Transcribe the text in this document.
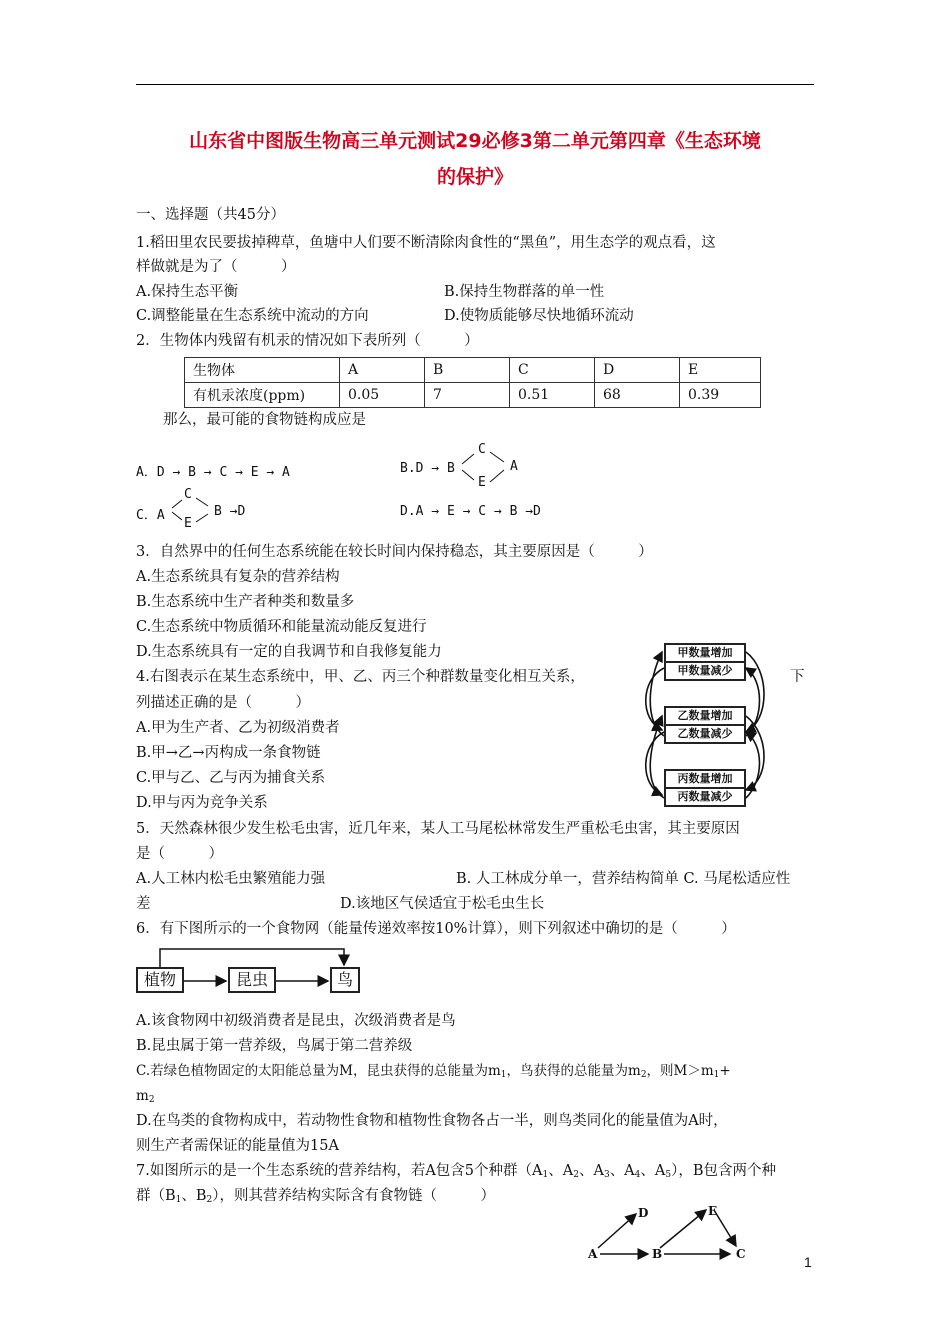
山东省中图版生物高三单元测试29必修3第二单元第四章《生态环境
的保护》
一、选择题（共45分）
1.稻田里农民要拔掉稗草，鱼塘中人们要不断清除肉食性的“黑鱼”，用生态学的观点看，这
样做就是为了（　　　）
A.保持生态平衡	B.保持生物群落的单一性
C.调整能量在生态系统中流动的方向	D.使物质能够尽快地循环流动
2．生物体内残留有机汞的情况如下表所列（　　　）
生物体	A	B	C	D	E
有机汞浓度(ppm)	0.05	7	0.51	68	0.39
那么，最可能的食物链构成应是
A．D → B → C → E → A	B.D → B
C
E
A
C．A
C
E
B →D	D.A → E → C → B →D
3．自然界中的任何生态系统能在较长时间内保持稳态，其主要原因是（　　　）
A.生态系统具有复杂的营养结构
B.生态系统中生产者种类和数量多
C.生态系统中物质循环和能量流动能反复进行
D.生态系统具有一定的自我调节和自我修复能力
4.右图表示在某生态系统中，甲、乙、丙三个种群数量变化相互关系，	下
列描述正确的是（　　　）
A.甲为生产者、乙为初级消费者
B.甲→乙→丙构成一条食物链
C.甲与乙、乙与丙为捕食关系
D.甲与丙为竞争关系
甲数量增加
甲数量减少
乙数量增加
乙数量减少
丙数量增加
丙数量减少
5．天然森林很少发生松毛虫害，近几年来，某人工马尾松林常发生严重松毛虫害，其主要原因
是（　　　）
A.人工林内松毛虫繁殖能力强	B. 人工林成分单一，营养结构简单 C. 马尾松适应性
差	D.该地区气侯适宜于松毛虫生长
6．有下图所示的一个食物网（能量传递效率按10%计算），则下列叙述中确切的是（　　　）
植物	昆虫	鸟
A.该食物网中初级消费者是昆虫，次级消费者是鸟
B.昆虫属于第一营养级，鸟属于第二营养级
C.若绿色植物固定的太阳能总量为M，昆虫获得的总能量为$m_1$，鸟获得的总能量为$m_2$，则$M>m_1+$
$m_2$
D.在鸟类的食物构成中，若动物性食物和植物性食物各占一半，则鸟类同化的能量值为A时，
则生产者需保证的能量值为15A
7.如图所示的是一个生态系统的营养结构，若A包含5个种群（$A_1$、$A_2$、$A_3$、$A_4$、$A_5$），B包含两个种
群（$B_1$、$B_2$），则其营养结构实际含有食物链（　　　）
A	B	C
D	E
1
